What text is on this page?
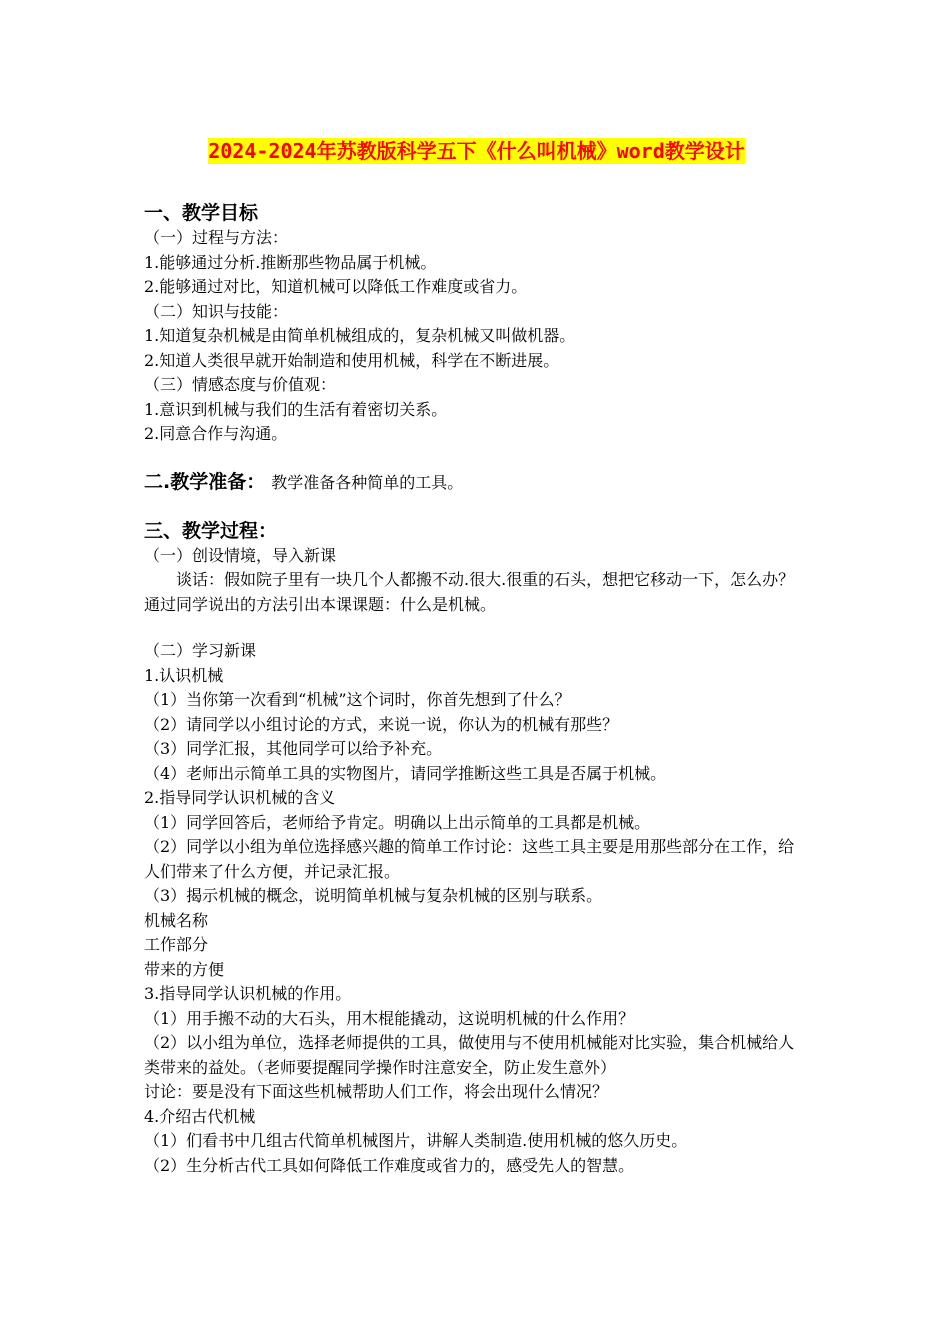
2024-2024年苏教版科学五下《什么叫机械》word教学设计

一、教学目标

（一）过程与方法：

1.能够通过分析.推断那些物品属于机械。

2.能够通过对比，知道机械可以降低工作难度或省力。

（二）知识与技能：

1.知道复杂机械是由简单机械组成的，复杂机械又叫做机器。

2.知道人类很早就开始制造和使用机械，科学在不断进展。

（三）情感态度与价值观：

1.意识到机械与我们的生活有着密切关系。

2.同意合作与沟通。

二.教学准备： 教学准备各种简单的工具。

三、教学过程：

（一）创设情境，导入新课

谈话：假如院子里有一块几个人都搬不动.很大.很重的石头，想把它移动一下，怎么办？通过同学说出的方法引出本课课题：什么是机械。

（二）学习新课

1.认识机械

（1）当你第一次看到“机械”这个词时，你首先想到了什么？

（2）请同学以小组讨论的方式，来说一说，你认为的机械有那些？

（3）同学汇报，其他同学可以给予补充。

（4）老师出示简单工具的实物图片，请同学推断这些工具是否属于机械。

2.指导同学认识机械的含义

（1）同学回答后，老师给予肯定。明确以上出示简单的工具都是机械。

（2）同学以小组为单位选择感兴趣的简单工作讨论：这些工具主要是用那些部分在工作，给人们带来了什么方便，并记录汇报。

（3）揭示机械的概念，说明简单机械与复杂机械的区别与联系。

机械名称

工作部分

带来的方便

3.指导同学认识机械的作用。

（1）用手搬不动的大石头，用木棍能撬动，这说明机械的什么作用？

（2）以小组为单位，选择老师提供的工具，做使用与不使用机械能对比实验，集合机械给人类带来的益处。（老师要提醒同学操作时注意安全，防止发生意外）

讨论：要是没有下面这些机械帮助人们工作，将会出现什么情况？

4.介绍古代机械

（1）们看书中几组古代简单机械图片，讲解人类制造.使用机械的悠久历史。

（2）生分析古代工具如何降低工作难度或省力的，感受先人的智慧。
